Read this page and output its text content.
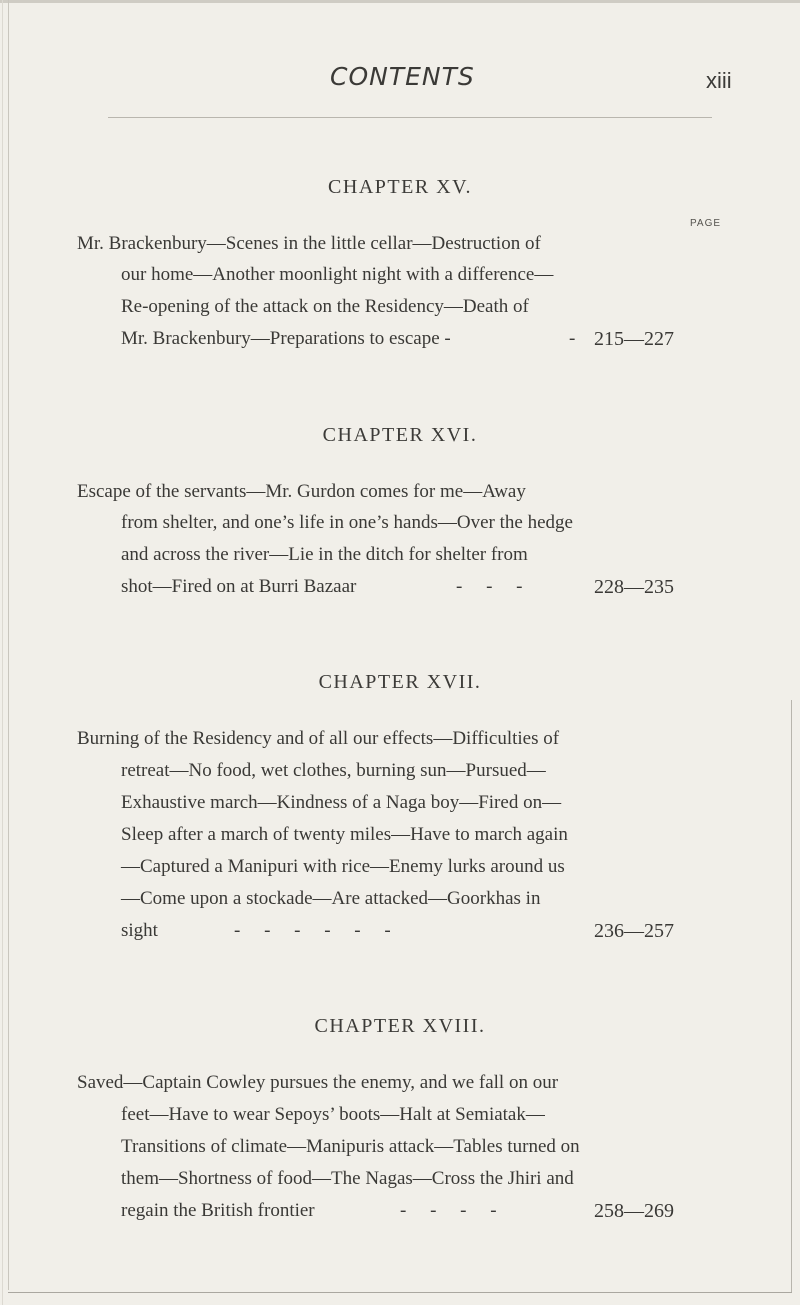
CONTENTS	xiii
CHAPTER XV.
PAGE
Mr. Brackenbury—Scenes in the little cellar—Destruction of
our home—Another moonlight night with a difference—
Re-opening of the attack on the Residency—Death of
Mr. Brackenbury—Preparations to escape -	- 215—227
CHAPTER XVI.
Escape of the servants—Mr. Gurdon comes for me—Away
from shelter, and one’s life in one’s hands—Over the hedge
and across the river—Lie in the ditch for shelter from
shot—Fired on at Burri Bazaar	-     -     -	228—235
CHAPTER XVII.
Burning of the Residency and of all our effects—Difficulties of
retreat—No food, wet clothes, burning sun—Pursued—
Exhaustive march—Kindness of a Naga boy—Fired on—
Sleep after a march of twenty miles—Have to march again
—Captured a Manipuri with rice—Enemy lurks around us
—Come upon a stockade—Are attacked—Goorkhas in
sight	-     -     -     -     -     -	236—257
CHAPTER XVIII.
Saved—Captain Cowley pursues the enemy, and we fall on our
feet—Have to wear Sepoys’ boots—Halt at Semiatak—
Transitions of climate—Manipuris attack—Tables turned on
them—Shortness of food—The Nagas—Cross the Jhiri and
regain the British frontier	-     -     -     -	258—269
